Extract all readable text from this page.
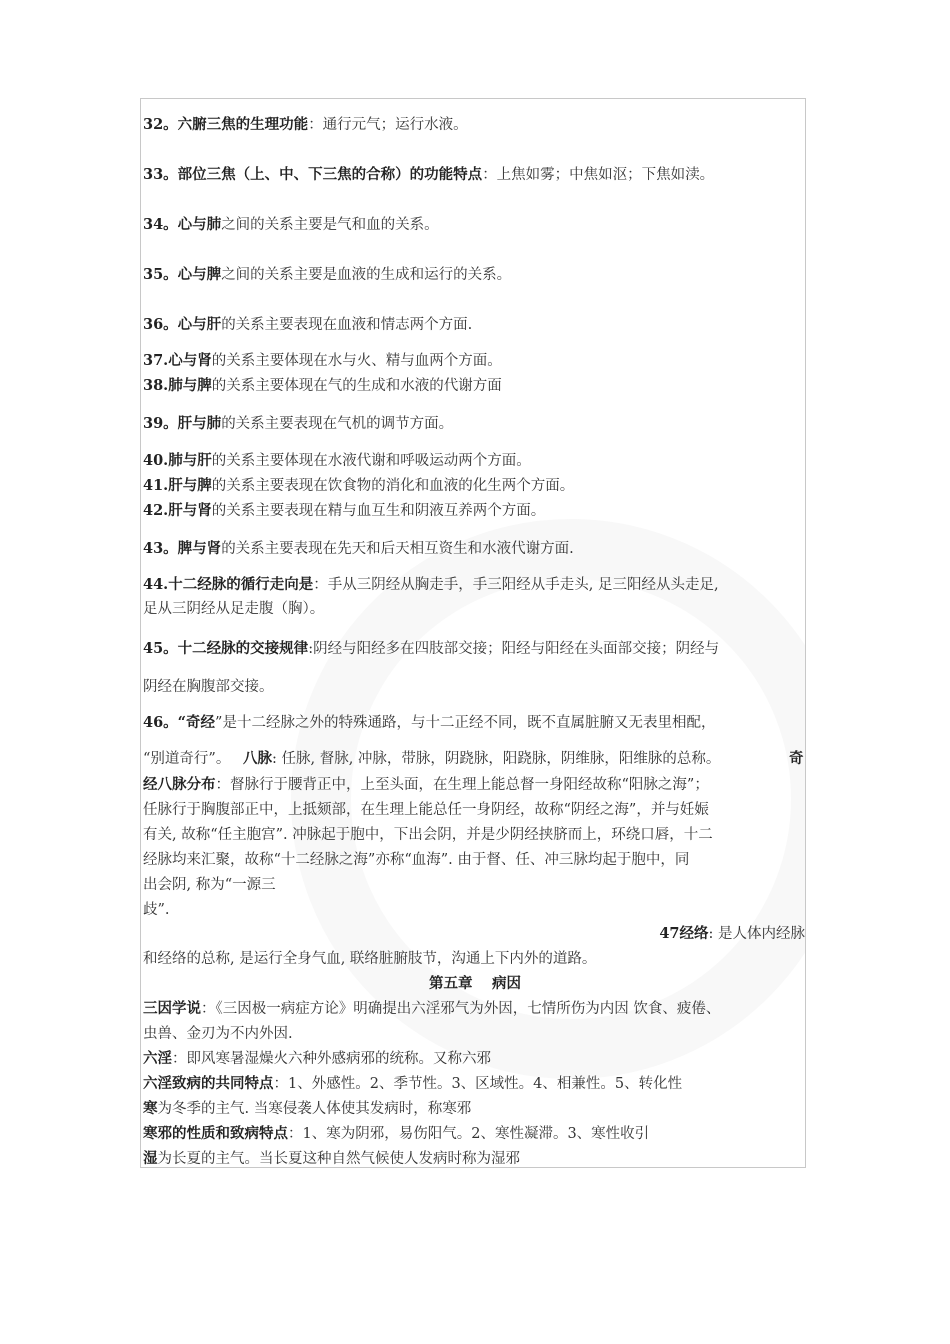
32。六腑三焦的生理功能：通行元气；运行水液。
33。部位三焦（上、中、下三焦的合称）的功能特点：上焦如雾；中焦如沤；下焦如渎。
34。心与肺之间的关系主要是气和血的关系。
35。心与脾之间的关系主要是血液的生成和运行的关系。
36。心与肝的关系主要表现在血液和情志两个方面.
37.心与肾的关系主要体现在水与火、精与血两个方面。
38.肺与脾的关系主要体现在气的生成和水液的代谢方面
39。肝与肺的关系主要表现在气机的调节方面。
40.肺与肝的关系主要体现在水液代谢和呼吸运动两个方面。
41.肝与脾的关系主要表现在饮食物的消化和血液的化生两个方面。
42.肝与肾的关系主要表现在精与血互生和阴液互养两个方面。
43。脾与肾的关系主要表现在先天和后天相互资生和水液代谢方面.
44.十二经脉的循行走向是：手从三阴经从胸走手，手三阳经从手走头, 足三阳经从头走足,
足从三阴经从足走腹（胸）。
45。十二经脉的交接规律:阴经与阳经多在四肢部交接；阳经与阳经在头面部交接；阴经与
阴经在胸腹部交接。
46。“奇经”是十二经脉之外的特殊通路，与十二正经不同，既不直属脏腑又无表里相配，
“别道奇行”。
任脉行于胸腹部正中，上抵颏部，在生理上能总任一身阴经，故称“阴经之海”，并与妊娠
有关, 故称“任主胞宫”. 冲脉起于胞中，下出会阴，并是少阴经挟脐而上，环绕口唇，十二
经脉均来汇聚，故称“十二经脉之海”亦称“血海”. 由于督、任、冲三脉均起于胞中，同
出会阴, 称为“一源三
歧”.
八脉: 任脉, 督脉, 冲脉，带脉，阴跷脉，阳跷脉，阴维脉，阳维脉的总称。	奇
经八脉分布：督脉行于腰背正中，上至头面，在生理上能总督一身阳经故称“阳脉之海”；
47经络: 是人体内经脉
和经络的总称, 是运行全身气血, 联络脏腑肢节，沟通上下内外的道路。
第五章　 病因
三因学说：《三因极一病症方论》明确提出六淫邪气为外因，七情所伤为内因 饮食、疲倦、
虫兽、金刃为不内外因.
六淫：即风寒暑湿燥火六种外感病邪的统称。又称六邪
六淫致病的共同特点：1、外感性。2、季节性。3、区域性。4、相兼性。5、转化性
寒为冬季的主气. 当寒侵袭人体使其发病时，称寒邪
寒邪的性质和致病特点：1、寒为阴邪，易伤阳气。2、寒性凝滞。3、寒性收引
湿为长夏的主气。当长夏这种自然气候使人发病时称为湿邪
